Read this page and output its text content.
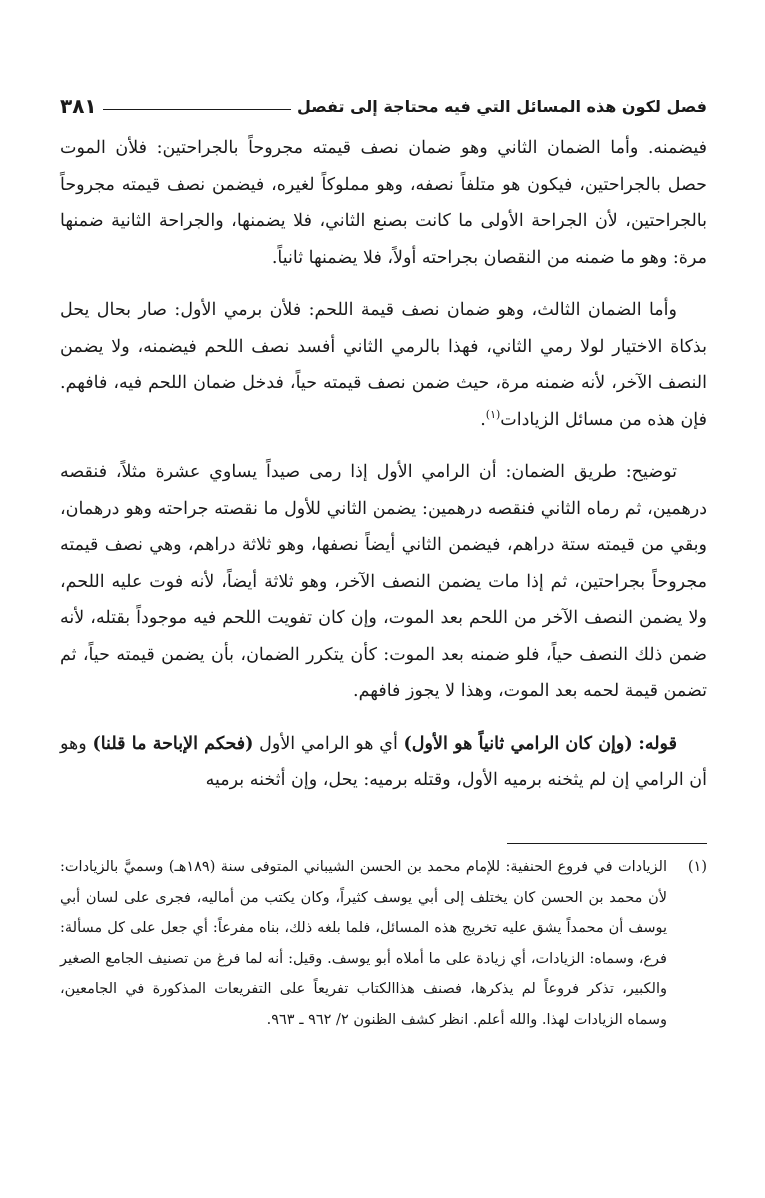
فصل لكون هذه المسائل التي فيه محتاجة إلى تفصل
٣٨١

فيضمنه. وأما الضمان الثاني وهو ضمان نصف قيمته مجروحاً بالجراحتين: فلأن الموت حصل بالجراحتين، فيكون هو متلفاً نصفه، وهو مملوكاً لغيره، فيضمن نصف قيمته مجروحاً بالجراحتين، لأن الجراحة الأولى ما كانت بصنع الثاني، فلا يضمنها، والجراحة الثانية ضمنها مرة: وهو ما ضمنه من النقصان بجراحته أولاً، فلا يضمنها ثانياً.

وأما الضمان الثالث، وهو ضمان نصف قيمة اللحم: فلأن برمي الأول: صار بحال يحل بذكاة الاختيار لولا رمي الثاني، فهذا بالرمي الثاني أفسد نصف اللحم فيضمنه، ولا يضمن النصف الآخر، لأنه ضمنه مرة، حيث ضمن نصف قيمته حياً، فدخل ضمان اللحم فيه، فافهم. فإن هذه من مسائل الزيادات$^{(١)}$.

توضيح: طريق الضمان: أن الرامي الأول إذا رمى صيداً يساوي عشرة مثلاً، فنقصه درهمين، ثم رماه الثاني فنقصه درهمين: يضمن الثاني للأول ما نقصته جراحته وهو درهمان، وبقي من قيمته ستة دراهم، فيضمن الثاني أيضاً نصفها، وهو ثلاثة دراهم، وهي نصف قيمته مجروحاً بجراحتين، ثم إذا مات يضمن النصف الآخر، وهو ثلاثة أيضاً، لأنه فوت عليه اللحم، ولا يضمن النصف الآخر من اللحم بعد الموت، وإن كان تفويت اللحم فيه موجوداً بقتله، لأنه ضمن ذلك النصف حياً، فلو ضمنه بعد الموت: كأن يتكرر الضمان، بأن يضمن قيمته حياً، ثم تضمن قيمة لحمه بعد الموت، وهذا لا يجوز فافهم.

قوله: (وإن كان الرامي ثانياً هو الأول) أي هو الرامي الأول (فحكم الإباحة ما قلنا) وهو أن الرامي إن لم يثخنه برميه الأول، وقتله برميه: يحل، وإن أثخنه برميه

(١)
الزيادات في فروع الحنفية: للإمام محمد بن الحسن الشيباني المتوفى سنة (١٨٩هـ) وسميَّ بالزيادات: لأن محمد بن الحسن كان يختلف إلى أبي يوسف كثيراً، وكان يكتب من أماليه، فجرى على لسان أبي يوسف أن محمداً يشق عليه تخريج هذه المسائل، فلما بلغه ذلك، بناه مفرعاً: أي جعل على كل مسألة: فرع، وسماه: الزيادات، أي زيادة على ما أملاه أبو يوسف. وقيل: أنه لما فرغ من تصنيف الجامع الصغير والكبير، تذكر فروعاً لم يذكرها، فصنف هذاالكتاب تفريعاً على التفريعات المذكورة في الجامعين، وسماه الزيادات لهذا. والله أعلم. انظر كشف الظنون ٢/ ٩٦٢ ـ ٩٦٣.
